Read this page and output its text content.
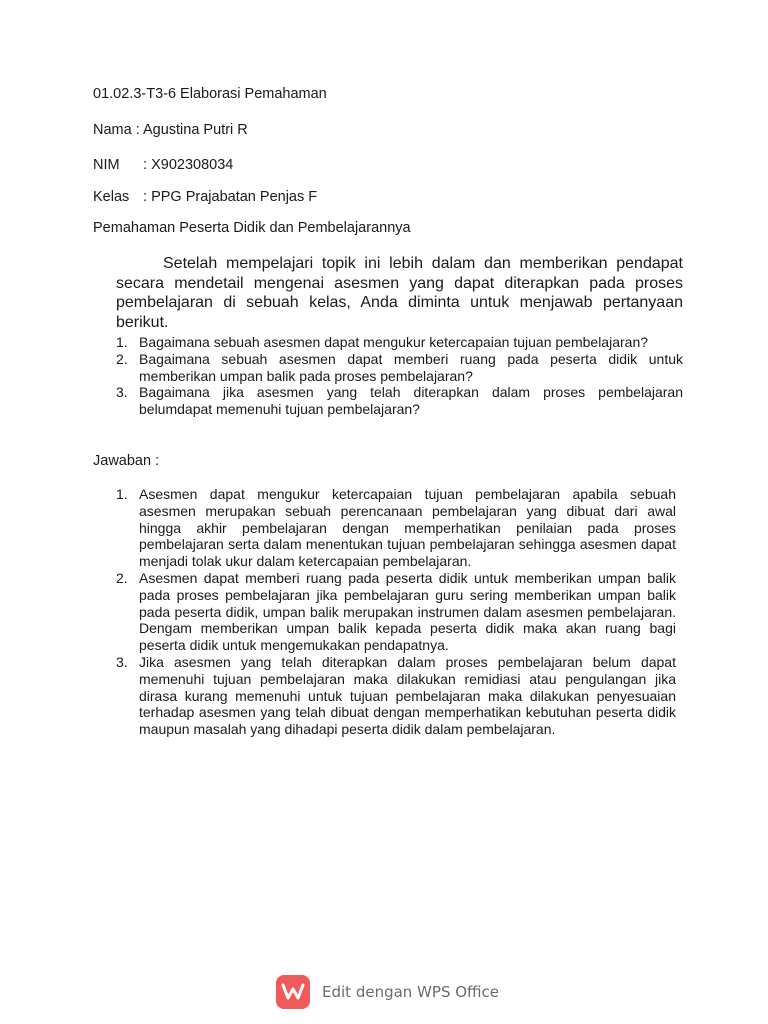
01.02.3-T3-6 Elaborasi Pemahaman
Nama : Agustina Putri R
NIM : X902308034
Kelas : PPG Prajabatan Penjas F
Pemahaman Peserta Didik dan Pembelajarannya

Setelah mempelajari topik ini lebih dalam dan memberikan pendapat secara mendetail mengenai asesmen yang dapat diterapkan pada proses pembelajaran di sebuah kelas, Anda diminta untuk menjawab pertanyaan berikut.

1. Bagaimana sebuah asesmen dapat mengukur ketercapaian tujuan pembelajaran?
2. Bagaimana sebuah asesmen dapat memberi ruang pada peserta didik untuk memberikan umpan balik pada proses pembelajaran?
3. Bagaimana jika asesmen yang telah diterapkan dalam proses pembelajaran belumdapat memenuhi tujuan pembelajaran?
Jawaban :
1. Asesmen dapat mengukur ketercapaian tujuan pembelajaran apabila sebuah asesmen merupakan sebuah perencanaan pembelajaran yang dibuat dari awal hingga akhir pembelajaran dengan memperhatikan penilaian pada proses pembelajaran serta dalam menentukan tujuan pembelajaran sehingga asesmen dapat menjadi tolak ukur dalam ketercapaian pembelajaran.
2. Asesmen dapat memberi ruang pada peserta didik untuk memberikan umpan balik pada proses pembelajaran jika pembelajaran guru sering memberikan umpan balik pada peserta didik, umpan balik merupakan instrumen dalam asesmen pembelajaran. Dengam memberikan umpan balik kepada peserta didik maka akan ruang bagi peserta didik untuk mengemukakan pendapatnya.
3. Jika asesmen yang telah diterapkan dalam proses pembelajaran belum dapat memenuhi tujuan pembelajaran maka dilakukan remidiasi atau pengulangan jika dirasa kurang memenuhi untuk tujuan pembelajaran maka dilakukan penyesuaian terhadap asesmen yang telah dibuat dengan memperhatikan kebutuhan peserta didik maupun masalah yang dihadapi peserta didik dalam pembelajaran.
Edit dengan WPS Office
